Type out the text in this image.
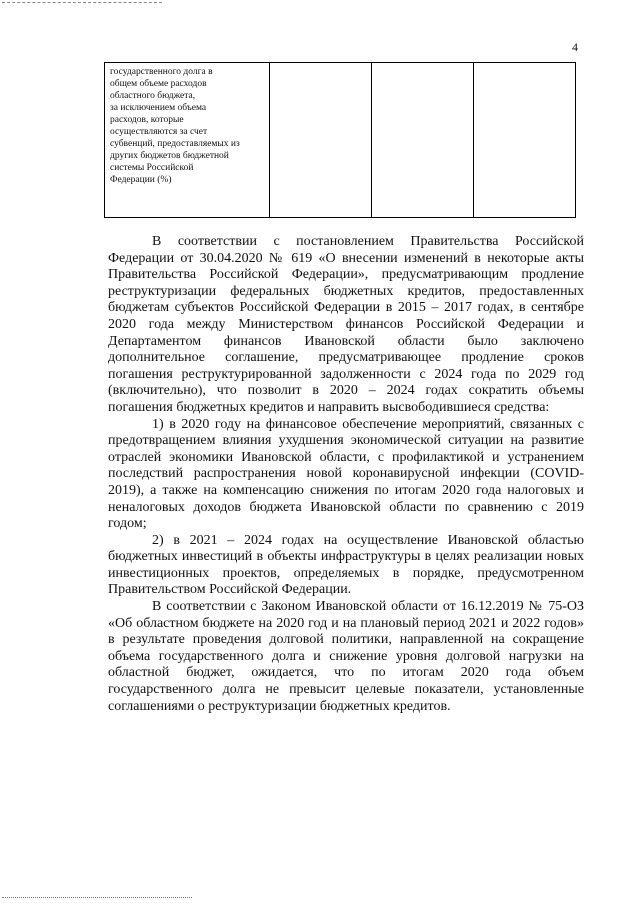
4
государственного долга в
общем объеме расходов
областного бюджета,
за исключением объема
расходов, которые
осуществляются за счет
субвенций, предоставляемых из
других бюджетов бюджетной
системы Российской
Федерации (%)

В соответствии с постановлением Правительства Российской Федерации от 30.04.2020 № 619 «О внесении изменений в некоторые акты Правительства Российской Федерации», предусматривающим продление реструктуризации федеральных бюджетных кредитов, предоставленных бюджетам субъектов Российской Федерации в 2015 – 2017 годах, в сентябре 2020 года между Министерством финансов Российской Федерации и Департаментом финансов Ивановской области было заключено дополнительное соглашение, предусматривающее продление сроков погашения реструктурированной задолженности с 2024 года по 2029 год (включительно), что позволит в 2020 – 2024 годах сократить объемы погашения бюджетных кредитов и направить высвободившиеся средства:

1) в 2020 году на финансовое обеспечение мероприятий, связанных с предотвращением влияния ухудшения экономической ситуации на развитие отраслей экономики Ивановской области, с профилактикой и устранением последствий распространения новой коронавирусной инфекции (COVID-2019), а также на компенсацию снижения по итогам 2020 года налоговых и неналоговых доходов бюджета Ивановской области по сравнению с 2019 годом;

2) в 2021 – 2024 годах на осуществление Ивановской областью бюджетных инвестиций в объекты инфраструктуры в целях реализации новых инвестиционных проектов, определяемых в порядке, предусмотренном Правительством Российской Федерации.

В соответствии с Законом Ивановской области от 16.12.2019 № 75-ОЗ «Об областном бюджете на 2020 год и на плановый период 2021 и 2022 годов» в результате проведения долговой политики, направленной на сокращение объема государственного долга и снижение уровня долговой нагрузки на областной бюджет, ожидается, что по итогам 2020 года объем государственного долга не превысит целевые показатели, установленные соглашениями о реструктуризации бюджетных кредитов.
